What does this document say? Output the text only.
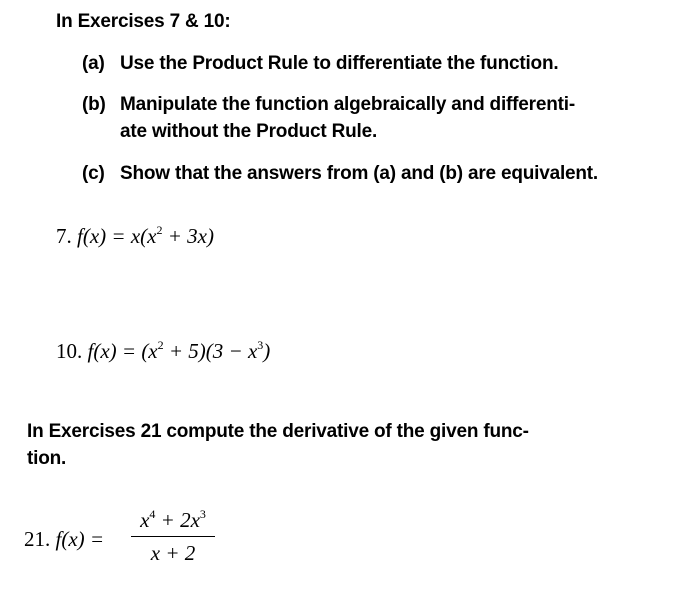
In Exercises 7 & 10:
(a) Use the Product Rule to differentiate the function.
(b) Manipulate the function algebraically and differenti-
ate without the Product Rule.
(c) Show that the answers from (a) and (b) are equivalent.
7. $f(x) = x(x^2 + 3x)$
10. $f(x) = (x^2 + 5)(3 - x^3)$
In Exercises 21 compute the derivative of the given func-
tion.
21. f(x) =
$x^4 + 2x^3$
x + 2
